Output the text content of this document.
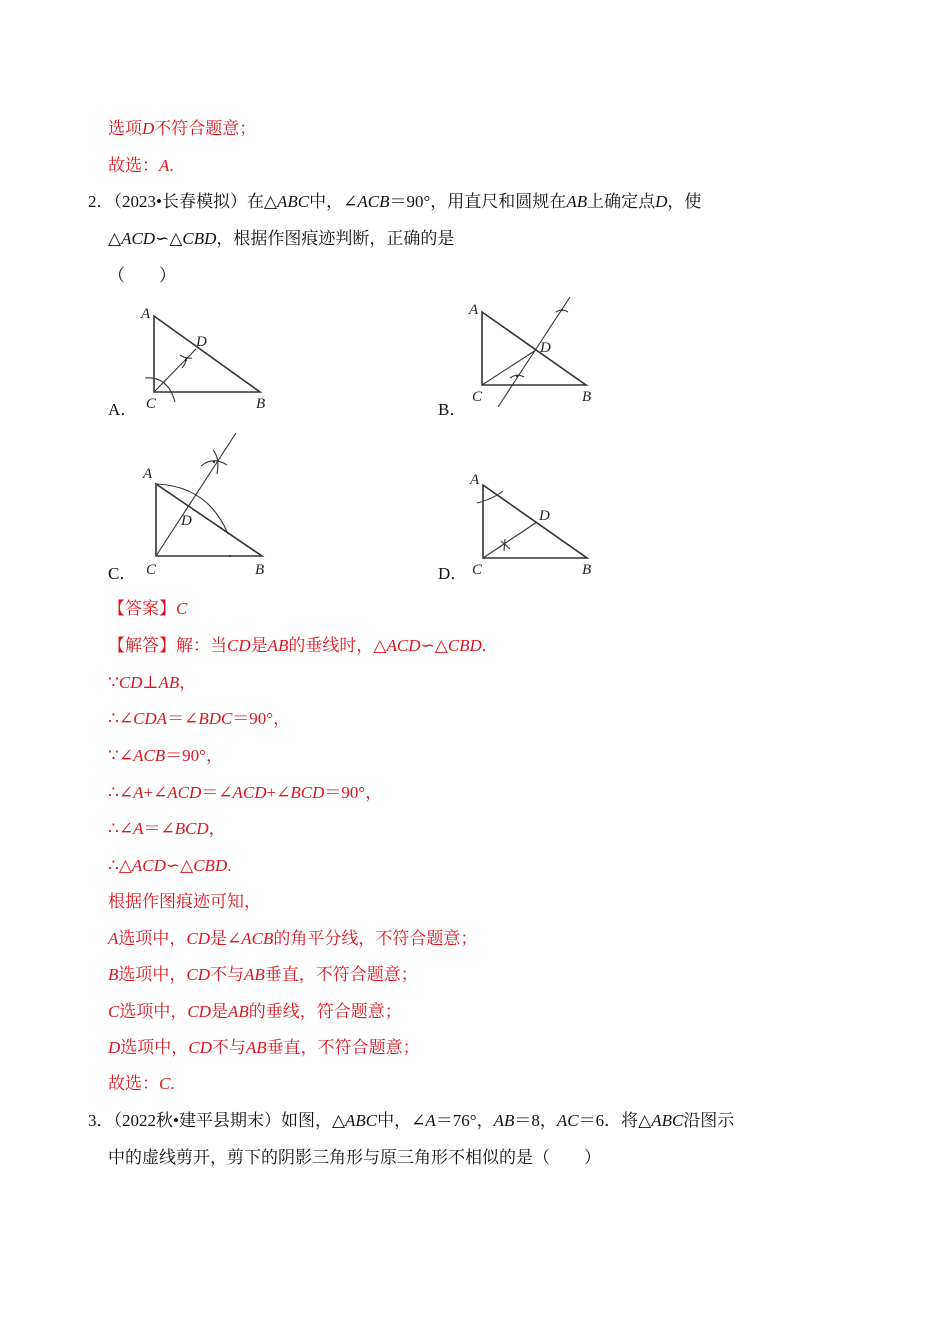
选项D不符合题意；
故选：A.
2．（2023•长春模拟）在△ABC中，∠ACB＝90°，用直尺和圆规在AB上确定点D，使
△ACD∽△CBD，根据作图痕迹判断，正确的是
（　　）
A．
A
D
C	B	B．
A
D
C	B
C．
A
D
C	B	D．
A
D
C	B
【答案】C
【解答】解：当CD是AB的垂线时，△ACD∽△CBD.
∵CD⊥AB，
∴∠CDA＝∠BDC＝90°，
∵∠ACB＝90°，
∴∠A+∠ACD＝∠ACD+∠BCD＝90°，
∴∠A＝∠BCD，
∴△ACD∽△CBD.
根据作图痕迹可知，
A选项中，CD是∠ACB的角平分线，不符合题意；
B选项中，CD不与AB垂直，不符合题意；
C选项中，CD是AB的垂线，符合题意；
D选项中，CD不与AB垂直，不符合题意；
故选：C.
3．（2022秋•建平县期末）如图，△ABC中，∠A＝76°，AB＝8，AC＝6．将△ABC沿图示
中的虚线剪开，剪下的阴影三角形与原三角形不相似的是（　　）
